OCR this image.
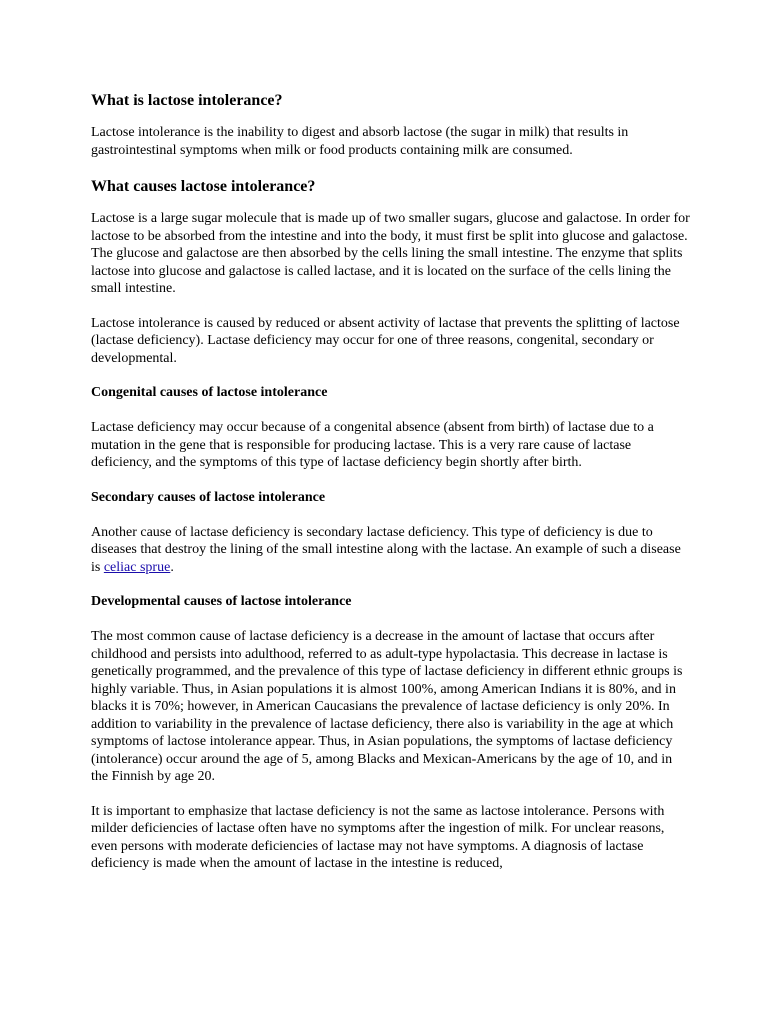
What is lactose intolerance?

Lactose intolerance is the inability to digest and absorb lactose (the sugar in milk) that results in gastrointestinal symptoms when milk or food products containing milk are consumed.

What causes lactose intolerance?

Lactose is a large sugar molecule that is made up of two smaller sugars, glucose and galactose. In order for lactose to be absorbed from the intestine and into the body, it must first be split into glucose and galactose. The glucose and galactose are then absorbed by the cells lining the small intestine. The enzyme that splits lactose into glucose and galactose is called lactase, and it is located on the surface of the cells lining the small intestine.

Lactose intolerance is caused by reduced or absent activity of lactase that prevents the splitting of lactose (lactase deficiency). Lactase deficiency may occur for one of three reasons, congenital, secondary or developmental.

Congenital causes of lactose intolerance

Lactase deficiency may occur because of a congenital absence (absent from birth) of lactase due to a mutation in the gene that is responsible for producing lactase. This is a very rare cause of lactase deficiency, and the symptoms of this type of lactase deficiency begin shortly after birth.

Secondary causes of lactose intolerance

Another cause of lactase deficiency is secondary lactase deficiency. This type of deficiency is due to diseases that destroy the lining of the small intestine along with the lactase. An example of such a disease is celiac sprue.

Developmental causes of lactose intolerance

The most common cause of lactase deficiency is a decrease in the amount of lactase that occurs after childhood and persists into adulthood, referred to as adult-type hypolactasia. This decrease in lactase is genetically programmed, and the prevalence of this type of lactase deficiency in different ethnic groups is highly variable. Thus, in Asian populations it is almost 100%, among American Indians it is 80%, and in blacks it is 70%; however, in American Caucasians the prevalence of lactase deficiency is only 20%. In addition to variability in the prevalence of lactase deficiency, there also is variability in the age at which symptoms of lactose intolerance appear. Thus, in Asian populations, the symptoms of lactase deficiency (intolerance) occur around the age of 5, among Blacks and Mexican-Americans by the age of 10, and in the Finnish by age 20.

It is important to emphasize that lactase deficiency is not the same as lactose intolerance. Persons with milder deficiencies of lactase often have no symptoms after the ingestion of milk. For unclear reasons, even persons with moderate deficiencies of lactase may not have symptoms. A diagnosis of lactase deficiency is made when the amount of lactase in the intestine is reduced,
